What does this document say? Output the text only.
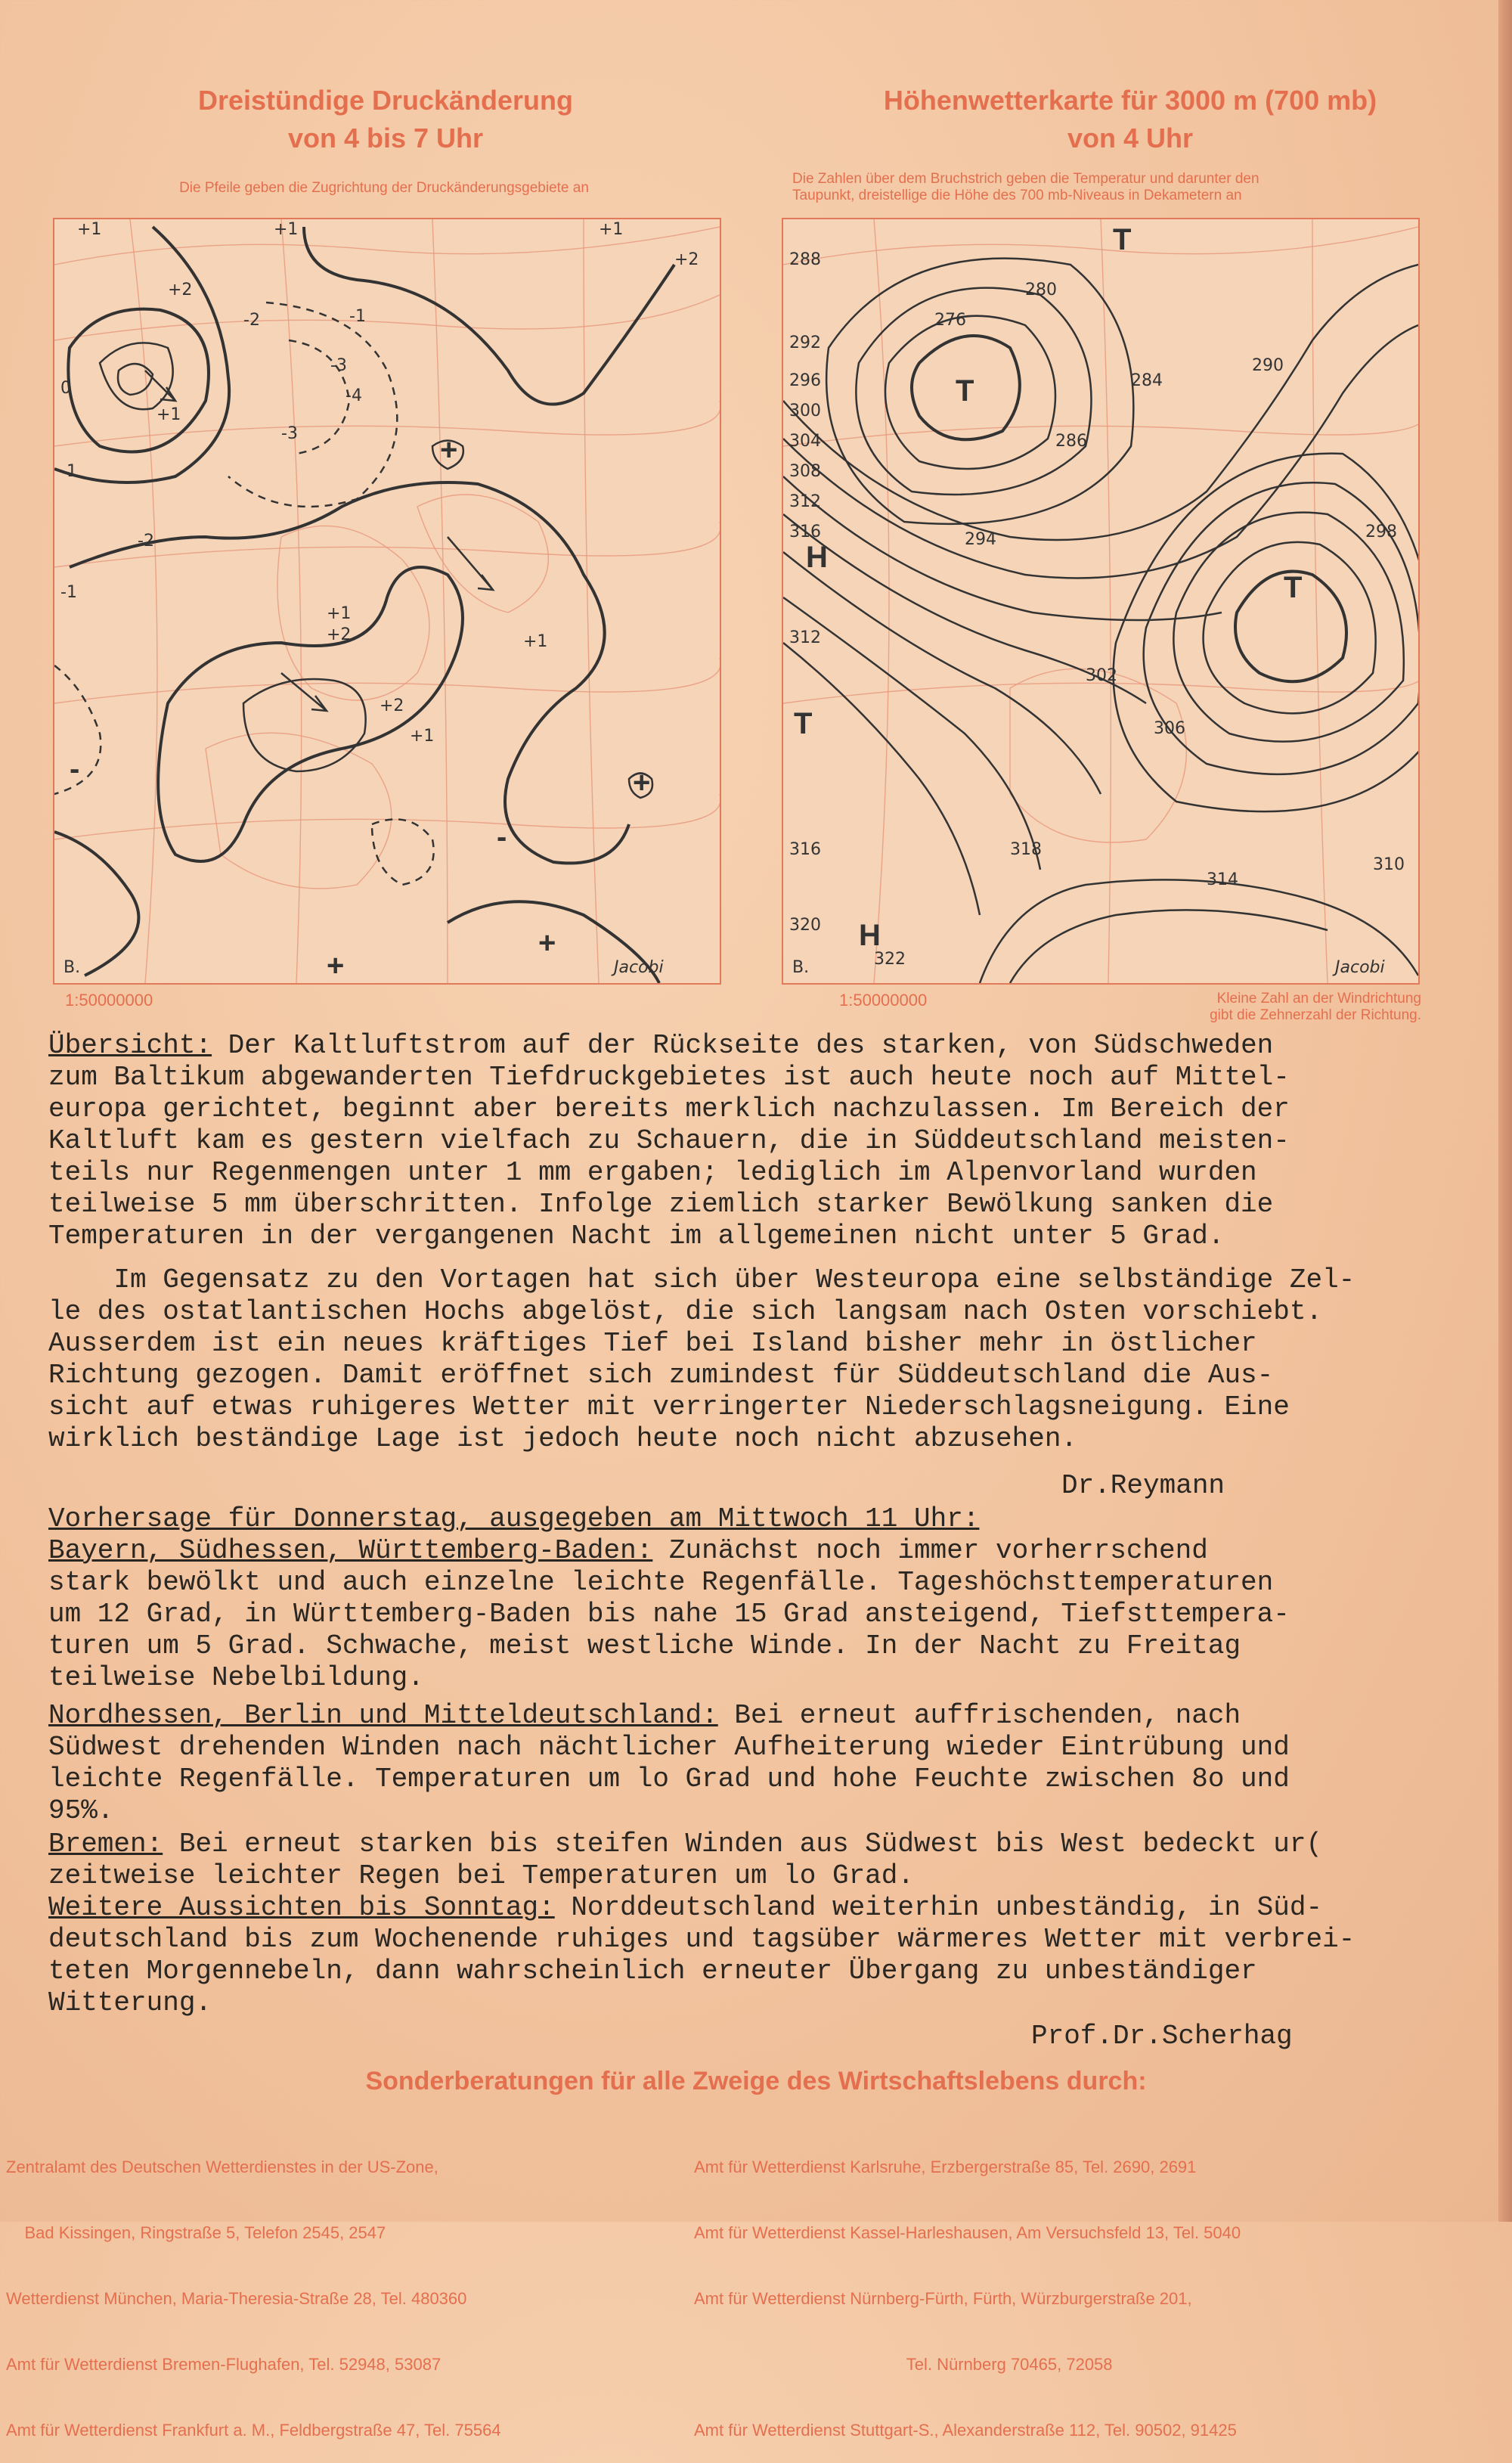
Dreistündige Druckänderung
von 4 bis 7 Uhr
Die Pfeile geben die Zugrichtung der Druckänderungsgebiete an
+1	+1	+1
+2
+2
+1
0
-1
-1
-2
-3
-4
-3
-2	-1
+1
+2
+1
+2
+1
+
+
+
-
-
+
B.	Jacobi
1:50000000
Höhenwetterkarte für 3000 m (700 mb)
von 4 Uhr
Die Zahlen über dem Bruchstrich geben die Temperatur und darunter den
Taupunkt, dreistellige die Höhe des 700 mb-Niveaus in Dekametern an
T
H
T
T
T
H
288
292
296
300
304
308
312
316
312
316
320
322
286
276
280
284
290
294	298
302
306
310
314
318
B.	Jacobi
1:50000000	Kleine Zahl an der Windrichtung
gibt die Zehnerzahl der Richtung.
Übersicht: Der Kaltluftstrom auf der Rückseite des starken, von Südschweden
zum Baltikum abgewanderten Tiefdruckgebietes ist auch heute noch auf Mittel-
europa gerichtet, beginnt aber bereits merklich nachzulassen. Im Bereich der
Kaltluft kam es gestern vielfach zu Schauern, die in Süddeutschland meisten-
teils nur Regenmengen unter 1 mm ergaben; lediglich im Alpenvorland wurden
teilweise 5 mm überschritten. Infolge ziemlich starker Bewölkung sanken die
Temperaturen in der vergangenen Nacht im allgemeinen nicht unter 5 Grad.
Im Gegensatz zu den Vortagen hat sich über Westeuropa eine selbständige Zel-
le des ostatlantischen Hochs abgelöst, die sich langsam nach Osten vorschiebt.
Ausserdem ist ein neues kräftiges Tief bei Island bisher mehr in östlicher
Richtung gezogen. Damit eröffnet sich zumindest für Süddeutschland die Aus-
sicht auf etwas ruhigeres Wetter mit verringerter Niederschlagsneigung. Eine
wirklich beständige Lage ist jedoch heute noch nicht abzusehen.
Dr.Reymann
Vorhersage für Donnerstag, ausgegeben am Mittwoch 11 Uhr:
Bayern, Südhessen, Württemberg-Baden: Zunächst noch immer vorherrschend
stark bewölkt und auch einzelne leichte Regenfälle. Tageshöchsttemperaturen
um 12 Grad, in Württemberg-Baden bis nahe 15 Grad ansteigend, Tiefsttempera-
turen um 5 Grad. Schwache, meist westliche Winde. In der Nacht zu Freitag
teilweise Nebelbildung.
Nordhessen, Berlin und Mitteldeutschland: Bei erneut auffrischenden, nach
Südwest drehenden Winden nach nächtlicher Aufheiterung wieder Eintrübung und
leichte Regenfälle. Temperaturen um lo Grad und hohe Feuchte zwischen 8o und
95%.
Bremen: Bei erneut starken bis steifen Winden aus Südwest bis West bedeckt ur(
zeitweise leichter Regen bei Temperaturen um lo Grad.
Weitere Aussichten bis Sonntag: Norddeutschland weiterhin unbeständig, in Süd-
deutschland bis zum Wochenende ruhiges und tagsüber wärmeres Wetter mit verbrei-
teten Morgennebeln, dann wahrscheinlich erneuter Übergang zu unbeständiger
Witterung.
Prof.Dr.Scherhag
Sonderberatungen für alle Zweige des Wirtschaftslebens durch:

Zentralamt des Deutschen Wetterdienstes in der US-Zone,

Bad Kissingen, Ringstraße 5, Telefon 2545, 2547

Wetterdienst München, Maria-Theresia-Straße 28, Tel. 480360

Amt für Wetterdienst Bremen-Flughafen, Tel. 52948, 53087

Amt für Wetterdienst Frankfurt a. M., Feldbergstraße 47, Tel. 75564

Amt für Wetterdienst Karlsruhe, Erzbergerstraße 85, Tel. 2690, 2691

Amt für Wetterdienst Kassel-Harleshausen, Am Versuchsfeld 13, Tel. 5040

Amt für Wetterdienst Nürnberg-Fürth, Fürth, Würzburgerstraße 201,

Tel. Nürnberg 70465, 72058

Amt für Wetterdienst Stuttgart-S., Alexanderstraße 112, Tel. 90502, 91425
